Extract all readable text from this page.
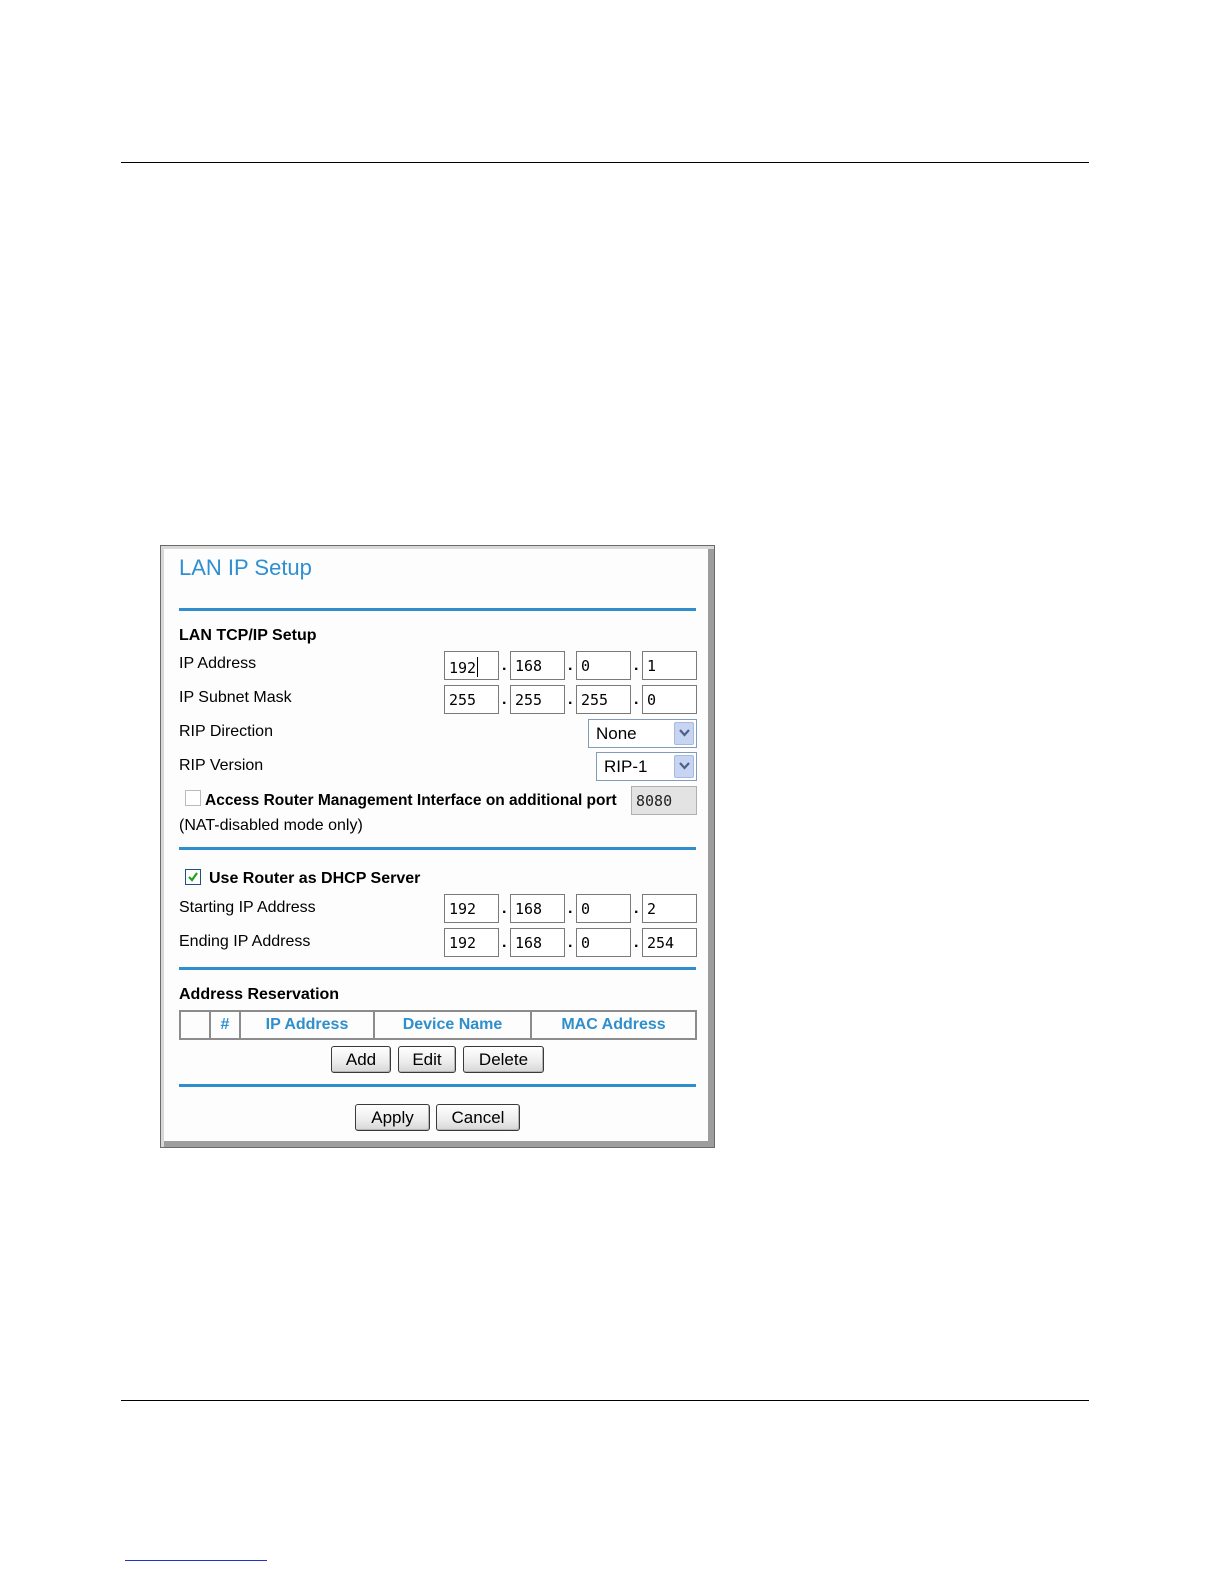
LAN IP Setup
LAN TCP/IP Setup
IP Address	192	. 168	. 0	. 1
IP Subnet Mask	255	. 255	. 255	. 0
RIP Direction	None
RIP Version	RIP-1
Access Router Management Interface on additional port	8080
(NAT-disabled mode only)
Use Router as DHCP Server
Starting IP Address	192	. 168	. 0	. 2
Ending IP Address	192	. 168	. 0	. 254
Address Reservation
	#	IP Address	Device Name	MAC Address
Add	Edit	Delete
Apply	Cancel
